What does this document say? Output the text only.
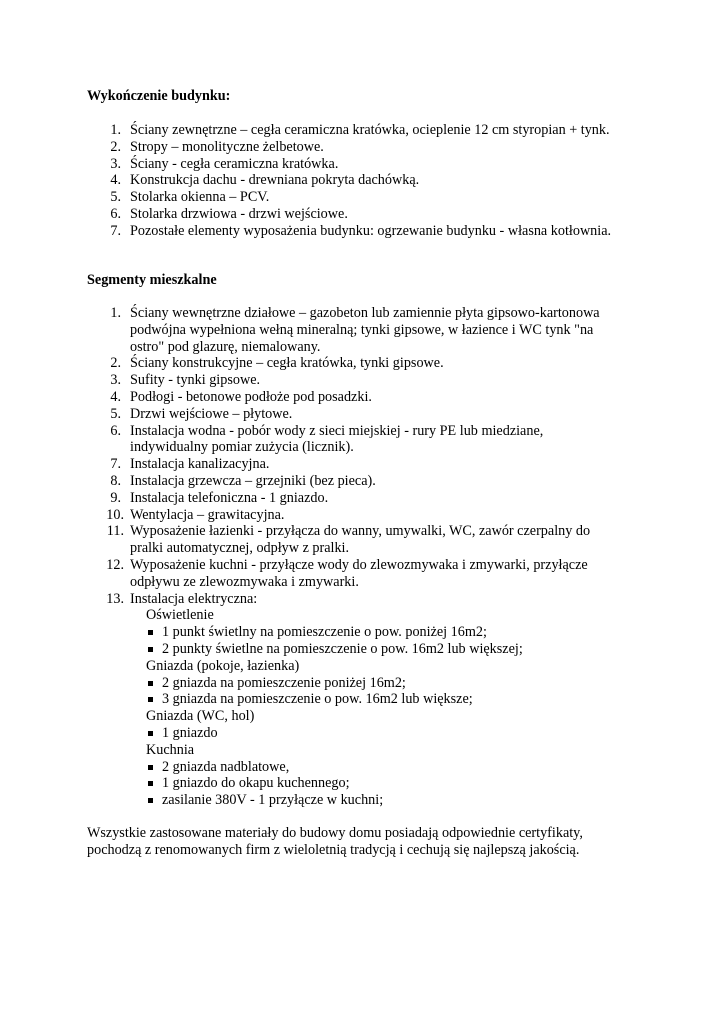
Wykończenie budynku:
1. Ściany zewnętrzne – cegła ceramiczna kratówka, ocieplenie 12 cm styropian + tynk.
2. Stropy – monolityczne żelbetowe.
3. Ściany - cegła ceramiczna kratówka.
4. Konstrukcja dachu - drewniana pokryta dachówką.
5. Stolarka okienna – PCV.
6. Stolarka drzwiowa - drzwi wejściowe.
7. Pozostałe elementy wyposażenia budynku: ogrzewanie budynku - własna kotłownia.
Segmenty mieszkalne
1. Ściany wewnętrzne działowe – gazobeton lub zamiennie płyta gipsowo-kartonowa
podwójna wypełniona wełną mineralną; tynki gipsowe, w łazience i WC tynk "na
ostro" pod glazurę, niemalowany.
2. Ściany konstrukcyjne – cegła kratówka, tynki gipsowe.
3. Sufity - tynki gipsowe.
4. Podłogi - betonowe podłoże pod posadzki.
5. Drzwi wejściowe – płytowe.
6. Instalacja wodna - pobór wody z sieci miejskiej - rury PE lub miedziane,
indywidualny pomiar zużycia (licznik).
7. Instalacja kanalizacyjna.
8. Instalacja grzewcza – grzejniki (bez pieca).
9. Instalacja telefoniczna - 1 gniazdo.
10. Wentylacja – grawitacyjna.
11. Wyposażenie łazienki - przyłącza do wanny, umywalki, WC, zawór czerpalny do
pralki automatycznej, odpływ z pralki.
12. Wyposażenie kuchni - przyłącze wody do zlewozmywaka i zmywarki, przyłącze
odpływu ze zlewozmywaka i zmywarki.
13. Instalacja elektryczna:
Oświetlenie
1 punkt świetlny na pomieszczenie o pow. poniżej 16m2;
2 punkty świetlne na pomieszczenie o pow. 16m2 lub większej;
Gniazda (pokoje, łazienka)
2 gniazda na pomieszczenie poniżej 16m2;
3 gniazda na pomieszczenie o pow. 16m2 lub większe;
Gniazda (WC, hol)
1 gniazdo
Kuchnia
2 gniazda nadblatowe,
1 gniazdo do okapu kuchennego;
zasilanie 380V - 1 przyłącze w kuchni;
Wszystkie zastosowane materiały do budowy domu posiadają odpowiednie certyfikaty,
pochodzą z renomowanych firm z wieloletnią tradycją i cechują się najlepszą jakością.
